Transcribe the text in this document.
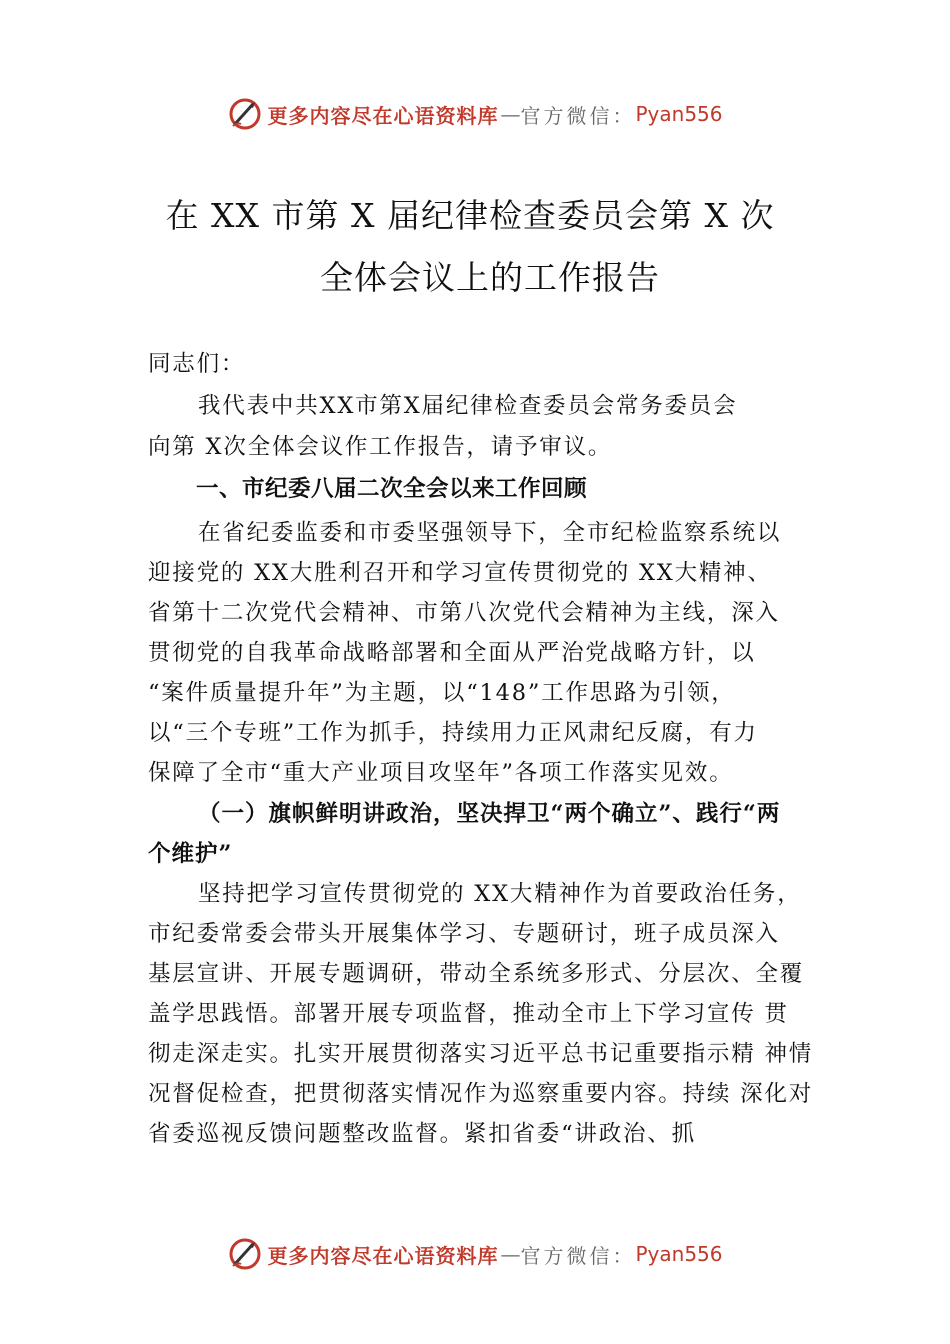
更多内容尽在心语资料库 — 官方微信： Pyan556
在 XX 市第 X 届纪律检查委员会第 X 次
全体会议上的工作报告
同志们：
我代表中共XX市第X届纪律检查委员会常务委员会
向第 X次全体会议作工作报告，请予审议。
一、市纪委八届二次全会以来工作回顾
在省纪委监委和市委坚强领导下，全市纪检监察系统以
迎接党的 XX大胜利召开和学习宣传贯彻党的 XX大精神、
省第十二次党代会精神、市第八次党代会精神为主线，深入
贯彻党的自我革命战略部署和全面从严治党战略方针，以
“案件质量提升年”为主题，以“148”工作思路为引领，
以“三个专班”工作为抓手，持续用力正风肃纪反腐，有力
保障了全市“重大产业项目攻坚年”各项工作落实见效。
（一）旗帜鲜明讲政治，坚决捍卫“两个确立”、践行“两
个维护”
坚持把学习宣传贯彻党的 XX大精神作为首要政治任务，
市纪委常委会带头开展集体学习、专题研讨，班子成员深入
基层宣讲、开展专题调研，带动全系统多形式、分层次、全覆
盖学思践悟。部署开展专项监督，推动全市上下学习宣传 贯
彻走深走实。扎实开展贯彻落实习近平总书记重要指示精 神情
况督促检查，把贯彻落实情况作为巡察重要内容。持续 深化对
省委巡视反馈问题整改监督。紧扣省委“讲政治、抓
更多内容尽在心语资料库 — 官方微信： Pyan556
